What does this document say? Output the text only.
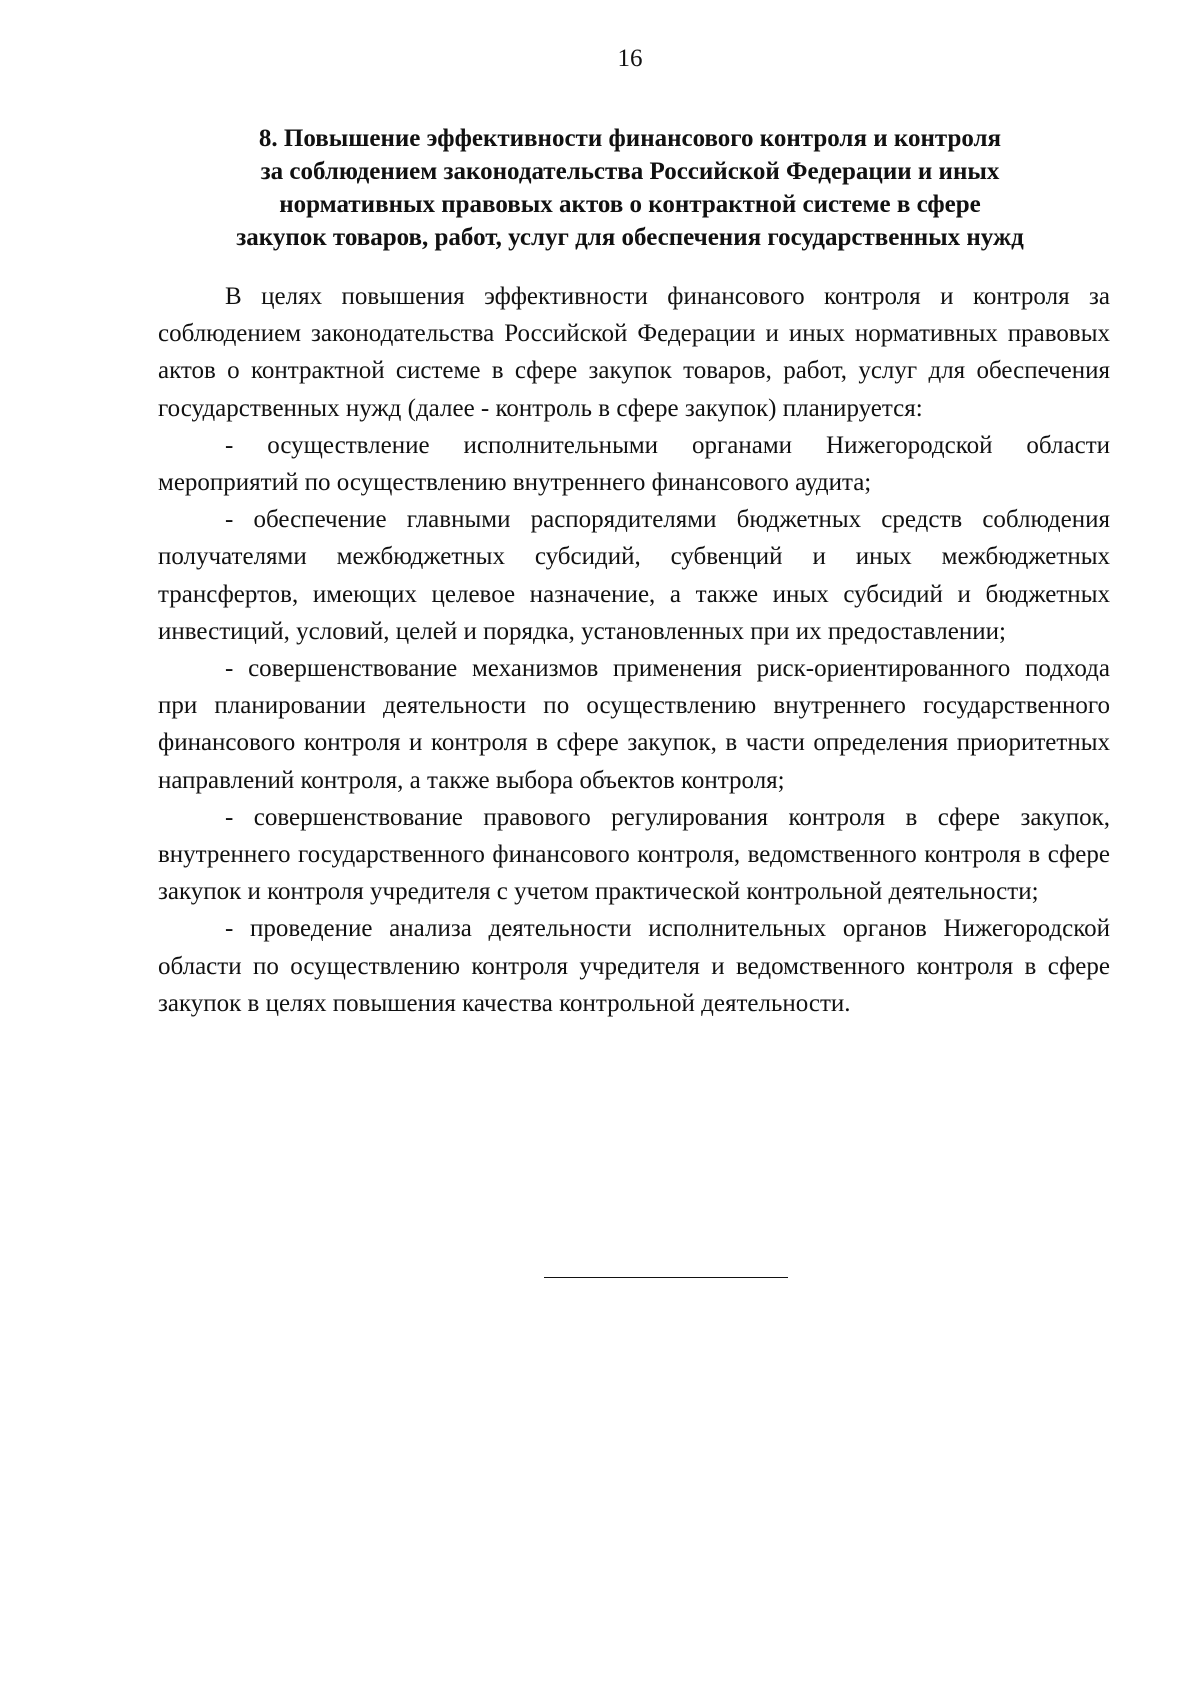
16
8. Повышение эффективности финансового контроля и контроля
за соблюдением законодательства Российской Федерации и иных
нормативных правовых актов о контрактной системе в сфере
закупок товаров, работ, услуг для обеспечения государственных нужд

В целях повышения эффективности финансового контроля и контроля за соблюдением законодательства Российской Федерации и иных нормативных правовых актов о контрактной системе в сфере закупок товаров, работ, услуг для обеспечения государственных нужд (далее - контроль в сфере закупок) планируется:

- осуществление исполнительными органами Нижегородской области мероприятий по осуществлению внутреннего финансового аудита;

- обеспечение главными распорядителями бюджетных средств соблюдения получателями межбюджетных субсидий, субвенций и иных межбюджетных трансфертов, имеющих целевое назначение, а также иных субсидий и бюджетных инвестиций, условий, целей и порядка, установленных при их предоставлении;

- совершенствование механизмов применения риск-ориентированного подхода при планировании деятельности по осуществлению внутреннего государственного финансового контроля и контроля в сфере закупок, в части определения приоритетных направлений контроля, а также выбора объектов контроля;

- совершенствование правового регулирования контроля в сфере закупок, внутреннего государственного финансового контроля, ведомственного контроля в сфере закупок и контроля учредителя с учетом практической контрольной деятельности;

- проведение анализа деятельности исполнительных органов Нижегородской области по осуществлению контроля учредителя и ведомственного контроля в сфере закупок в целях повышения качества контрольной деятельности.
